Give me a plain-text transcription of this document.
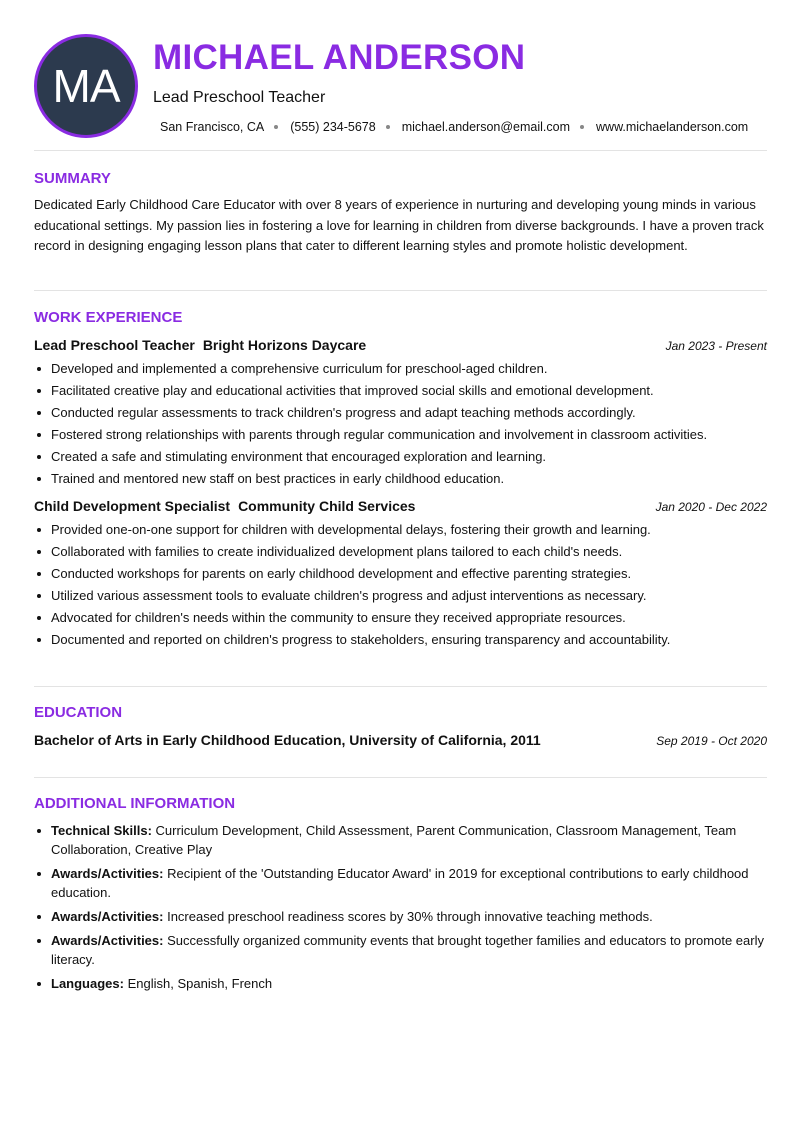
MA
MICHAEL ANDERSON
Lead Preschool Teacher
San Francisco, CA (555) 234-5678 michael.anderson@email.com www.michaelanderson.com
SUMMARY

Dedicated Early Childhood Care Educator with over 8 years of experience in nurturing and developing young minds in various educational settings. My passion lies in fostering a love for learning in children from diverse backgrounds. I have a proven track record in designing engaging lesson plans that cater to different learning styles and promote holistic development.

WORK EXPERIENCE
Lead Preschool Teacher Bright Horizons Daycare	Jan 2023 - Present
Developed and implemented a comprehensive curriculum for preschool-aged children.
Facilitated creative play and educational activities that improved social skills and emotional development.
Conducted regular assessments to track children's progress and adapt teaching methods accordingly.
Fostered strong relationships with parents through regular communication and involvement in classroom activities.
Created a safe and stimulating environment that encouraged exploration and learning.
Trained and mentored new staff on best practices in early childhood education.
Child Development Specialist Community Child Services	Jan 2020 - Dec 2022
Provided one-on-one support for children with developmental delays, fostering their growth and learning.
Collaborated with families to create individualized development plans tailored to each child's needs.
Conducted workshops for parents on early childhood development and effective parenting strategies.
Utilized various assessment tools to evaluate children's progress and adjust interventions as necessary.
Advocated for children's needs within the community to ensure they received appropriate resources.
Documented and reported on children's progress to stakeholders, ensuring transparency and accountability.
EDUCATION
Bachelor of Arts in Early Childhood Education, University of California, 2011	Sep 2019 - Oct 2020
ADDITIONAL INFORMATION
Technical Skills: Curriculum Development, Child Assessment, Parent Communication, Classroom Management, Team Collaboration, Creative Play
Awards/Activities: Recipient of the 'Outstanding Educator Award' in 2019 for exceptional contributions to early childhood education.
Awards/Activities: Increased preschool readiness scores by 30% through innovative teaching methods.
Awards/Activities: Successfully organized community events that brought together families and educators to promote early literacy.
Languages: English, Spanish, French
